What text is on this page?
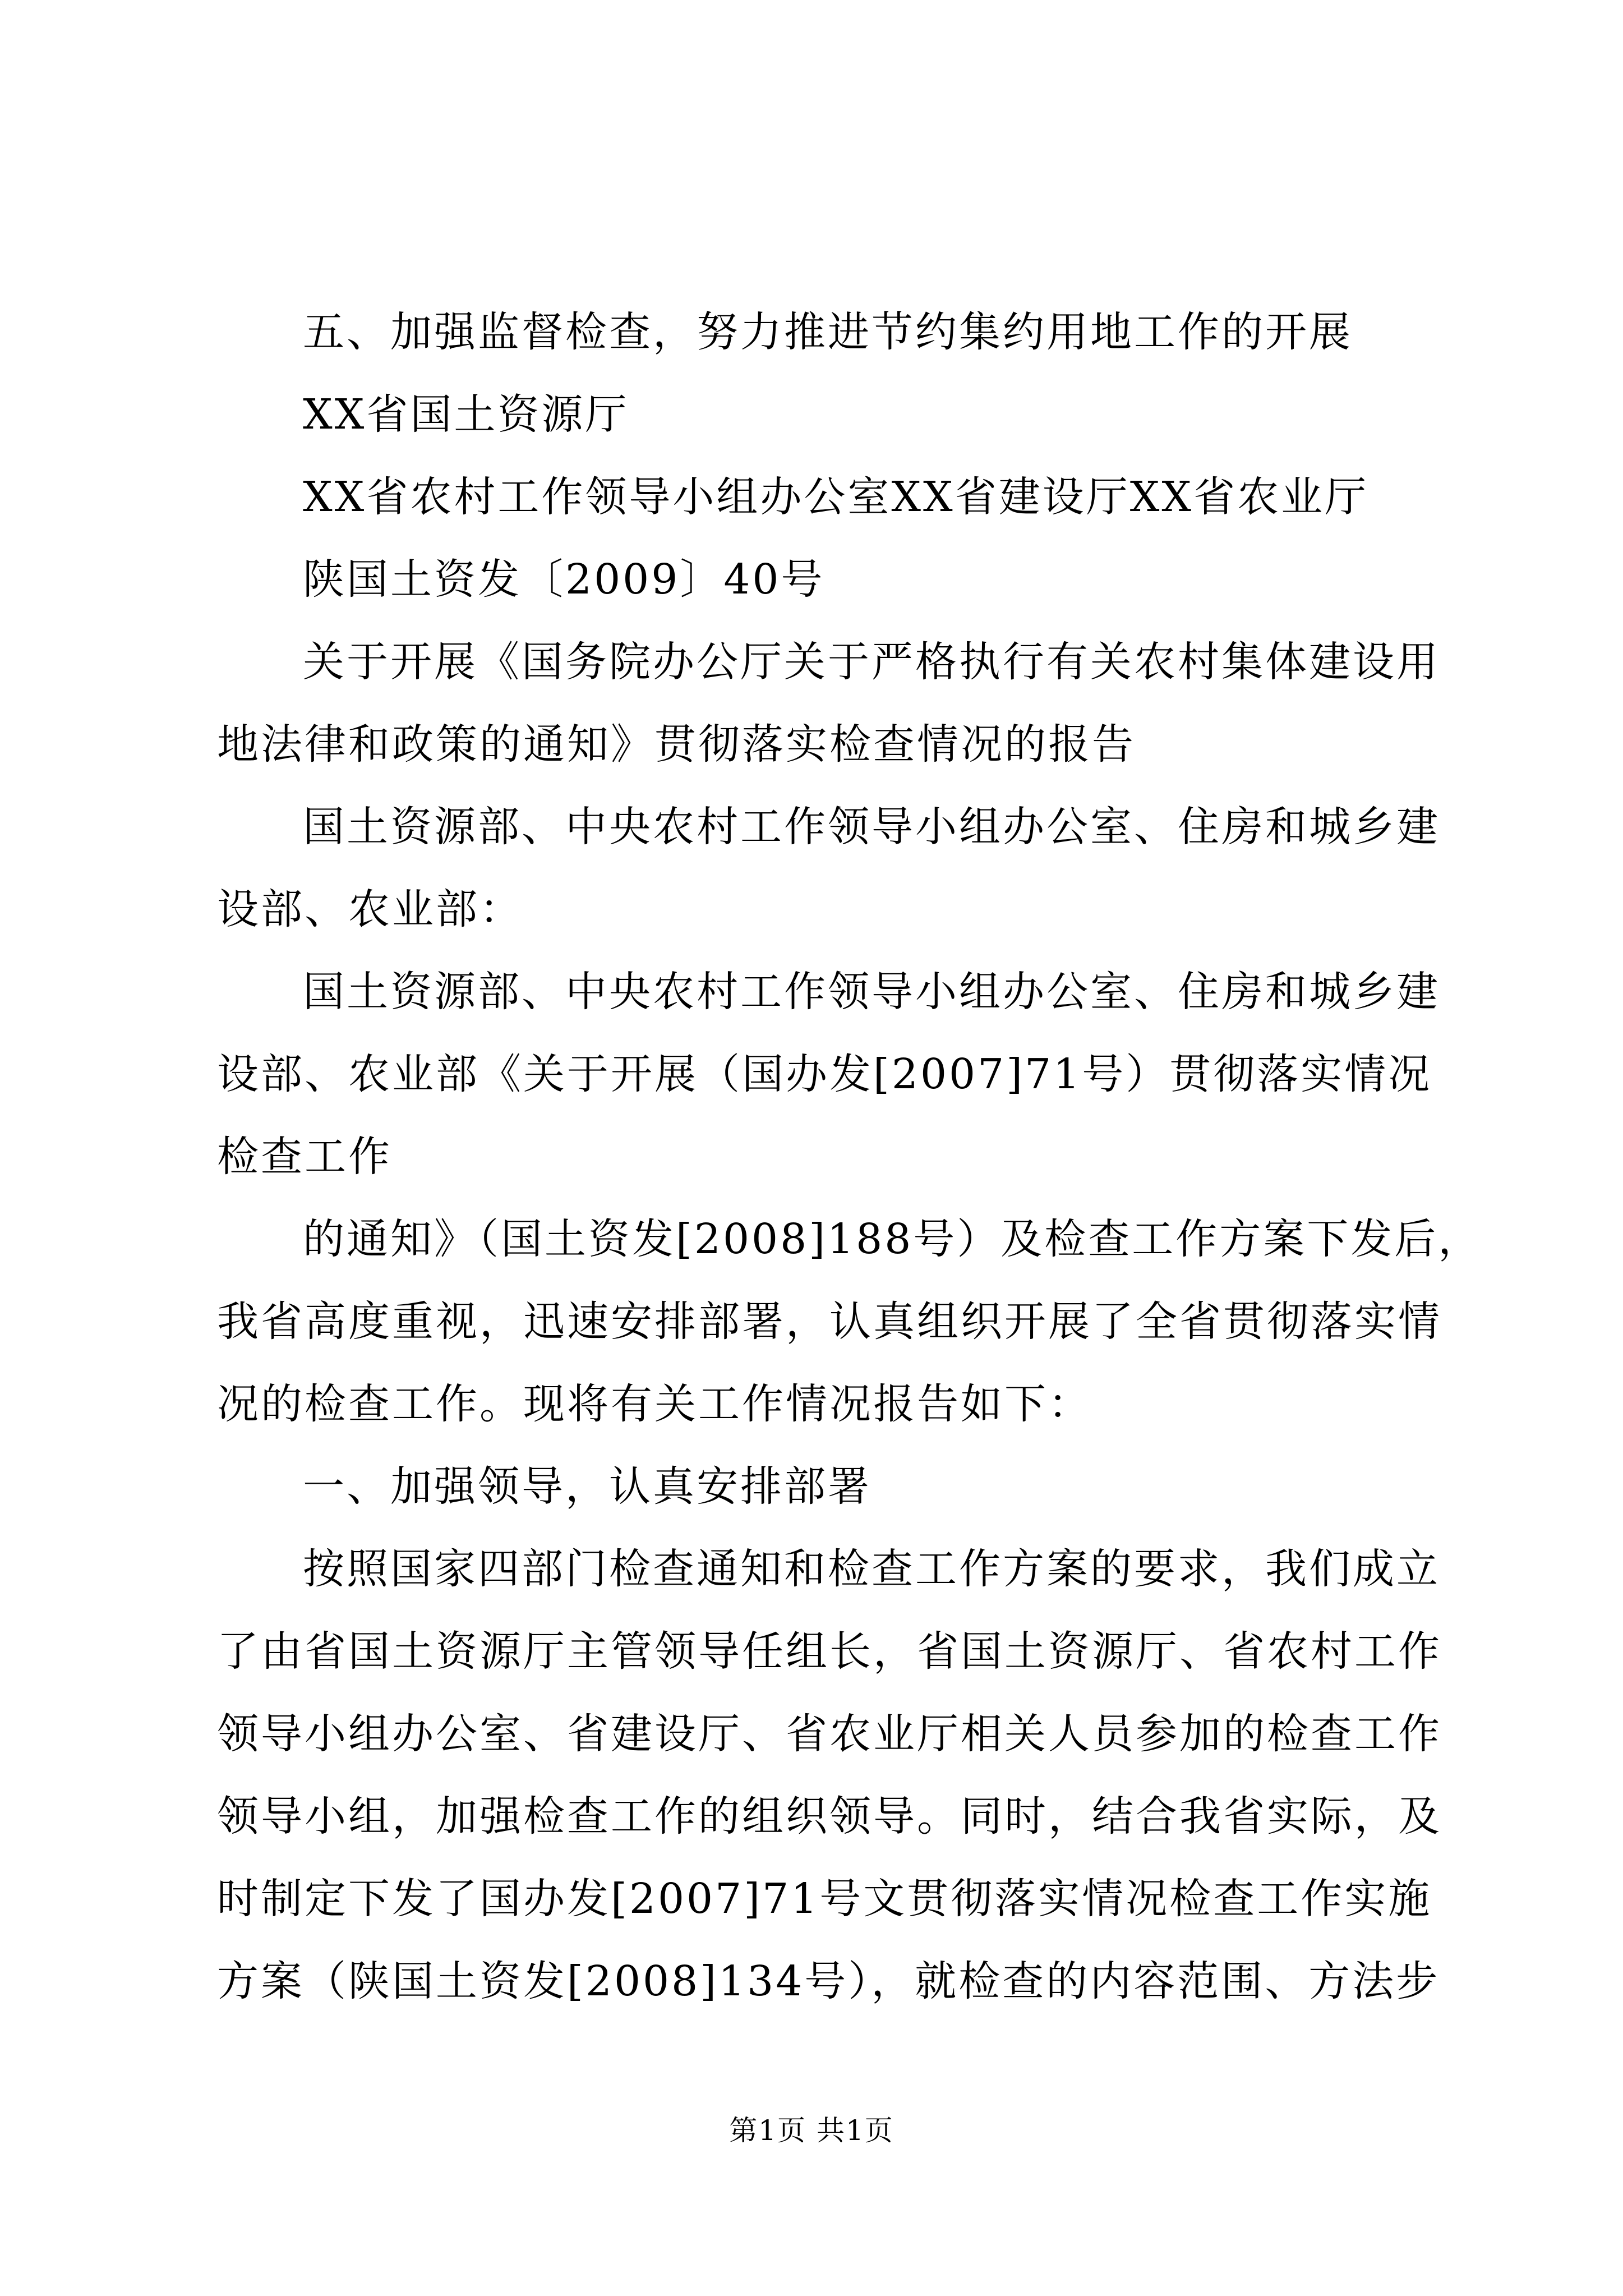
五、加强监督检查，努力推进节约集约用地工作的开展
XX省国土资源厅
XX省农村工作领导小组办公室XX省建设厅XX省农业厅
陕国土资发〔2009〕40号
关于开展《国务院办公厅关于严格执行有关农村集体建设用
地法律和政策的通知》贯彻落实检查情况的报告
国土资源部、中央农村工作领导小组办公室、住房和城乡建
设部、农业部：
国土资源部、中央农村工作领导小组办公室、住房和城乡建
设部、农业部《关于开展（国办发[2007]71号）贯彻落实情况
检查工作
的通知》（国土资发[2008]188号）及检查工作方案下发后，
我省高度重视，迅速安排部署，认真组织开展了全省贯彻落实情
况的检查工作。现将有关工作情况报告如下：
一、加强领导，认真安排部署
按照国家四部门检查通知和检查工作方案的要求，我们成立
了由省国土资源厅主管领导任组长，省国土资源厅、省农村工作
领导小组办公室、省建设厅、省农业厅相关人员参加的检查工作
领导小组，加强检查工作的组织领导。同时，结合我省实际，及
时制定下发了国办发[2007]71号文贯彻落实情况检查工作实施
方案（陕国土资发[2008]134号），就检查的内容范围、方法步
第1页 共1页
